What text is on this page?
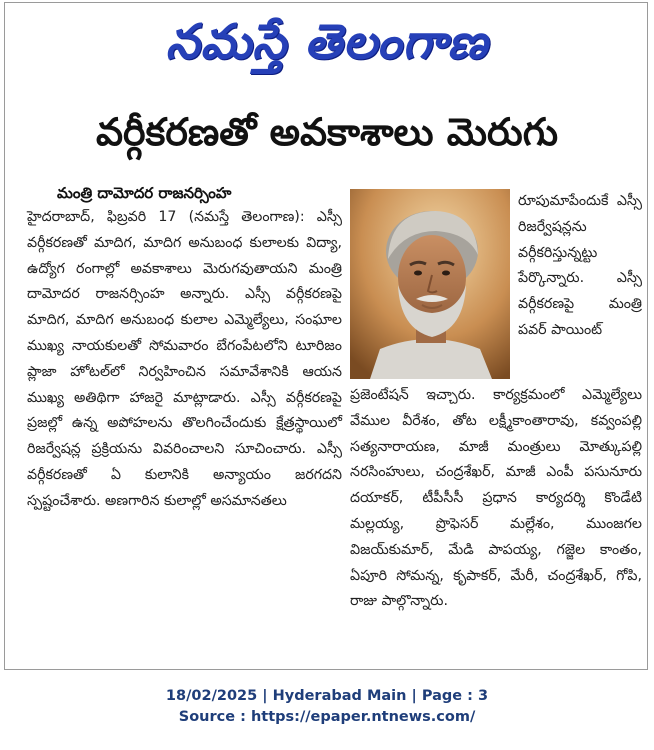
నమస్తే తెలంగాణ
వర్గీకరణతో అవకాశాలు మెరుగు
మంత్రి దామోదర రాజనర్సింహ

హైదరాబాద్, ఫిబ్రవరి 17 (నమస్తే తెలంగాణ): ఎస్సీ వర్గీకరణతో మాదిగ, మాదిగ అనుబంధ కులాలకు విద్యా, ఉద్యోగ రంగాల్లో అవకాశాలు మెరుగవుతాయని మంత్రి దామోదర రాజనర్సింహ అన్నారు. ఎస్సీ వర్గీకరణపై మాదిగ, మాదిగ అనుబంధ కులాల ఎమ్మెల్యేలు, సంఘాల ముఖ్య నాయకులతో సోమవారం బేగంపేటలోని టూరిజం ప్లాజా హోటల్‌లో నిర్వహించిన సమావేశానికి ఆయన ముఖ్య అతిథిగా హాజరై మాట్లాడారు. ఎస్సీ వర్గీకరణపై ప్రజల్లో ఉన్న అపోహలను తొలగించేందుకు క్షేత్రస్థాయిలో రిజర్వేషన్ల ప్రక్రియను వివరించాలని సూచించారు. ఎస్సీ వర్గీకరణతో ఏ కులానికి అన్యాయం జరగదని స్పష్టంచేశారు. అణగారిన కులాల్లో అసమానతలు

రూపుమాపేందుకే ఎస్సీ రిజర్వేషన్లను వర్గీకరిస్తున్నట్టు పేర్కొన్నారు. ఎస్సీ వర్గీకరణపై మంత్రి పవర్ పాయింట్

ప్రజెంటేషన్ ఇచ్చారు. కార్యక్రమంలో ఎమ్మెల్యేలు వేముల వీరేశం, తోట లక్ష్మీకాంతారావు, కవ్వంపల్లి సత్యనారాయణ, మాజీ మంత్రులు మోత్కుపల్లి నరసింహులు, చంద్రశేఖర్, మాజీ ఎంపీ పసునూరు దయాకర్, టీపీసీసీ ప్రధాన కార్యదర్శి కొండేటి మల్లయ్య, ప్రొఫెసర్ మల్లేశం, ముంజగల విజయ్‌కుమార్, మేడి పాపయ్య, గజ్జెల కాంతం, ఏపూరి సోమన్న, కృపాకర్, మేరీ, చంద్రశేఖర్, గోపి, రాజు పాల్గొన్నారు.

18/02/2025 | Hyderabad Main | Page : 3
Source : https://epaper.ntnews.com/
